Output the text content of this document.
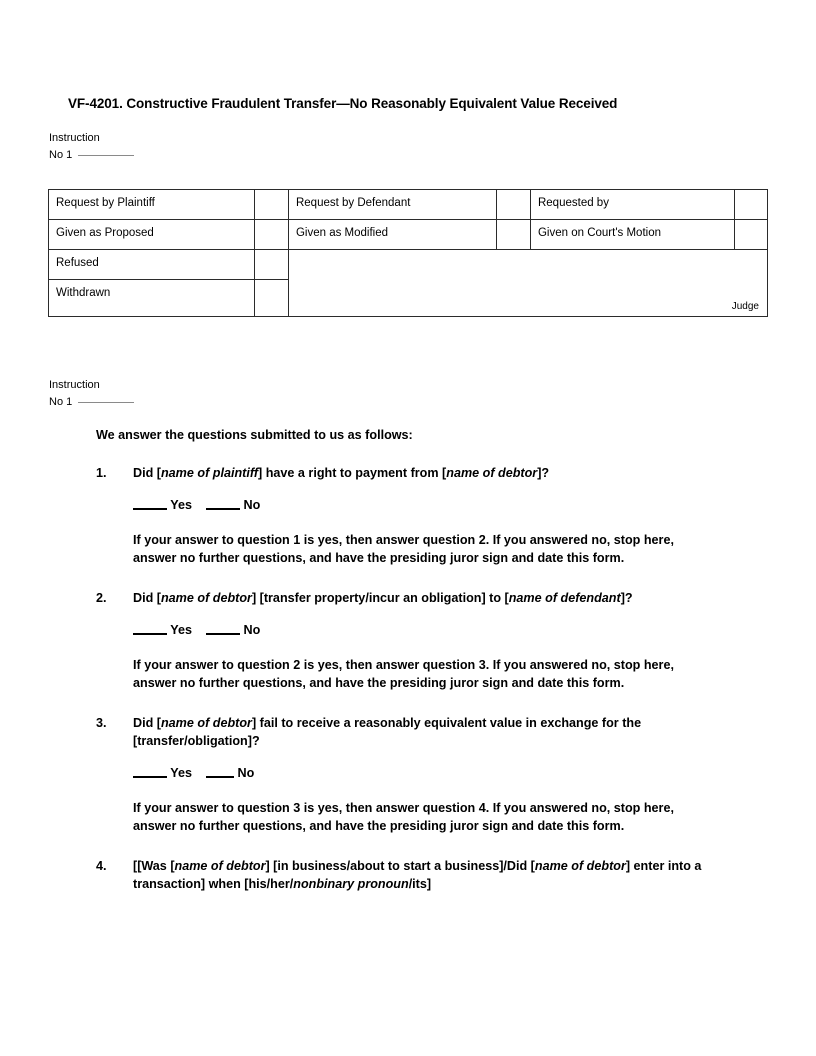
VF-4201. Constructive Fraudulent Transfer—No Reasonably Equivalent Value Received
Instruction
No 1
Request by Plaintiff		Request by Defendant		Requested by	
Given as Proposed		Given as Modified		Given on Court's Motion	
Refused		Judge			

Withdrawn					
Instruction
No 1

We answer the questions submitted to us as follows:

1.	Did [name of plaintiff] have a right to payment from [name of debtor]?
Yes	No
If your answer to question 1 is yes, then answer question 2. If you answered no, stop here, answer no further questions, and have the presiding juror sign and date this form.
2.	Did [name of debtor] [transfer property/incur an obligation] to [name of defendant]?
Yes	No
If your answer to question 2 is yes, then answer question 3. If you answered no, stop here, answer no further questions, and have the presiding juror sign and date this form.
3.	Did [name of debtor] fail to receive a reasonably equivalent value in exchange for the [transfer/obligation]?
Yes	No
If your answer to question 3 is yes, then answer question 4. If you answered no, stop here, answer no further questions, and have the presiding juror sign and date this form.
4.	[[Was [name of debtor] [in business/about to start a business]/Did [name of debtor] enter into a transaction] when [his/her/nonbinary pronoun/its]
